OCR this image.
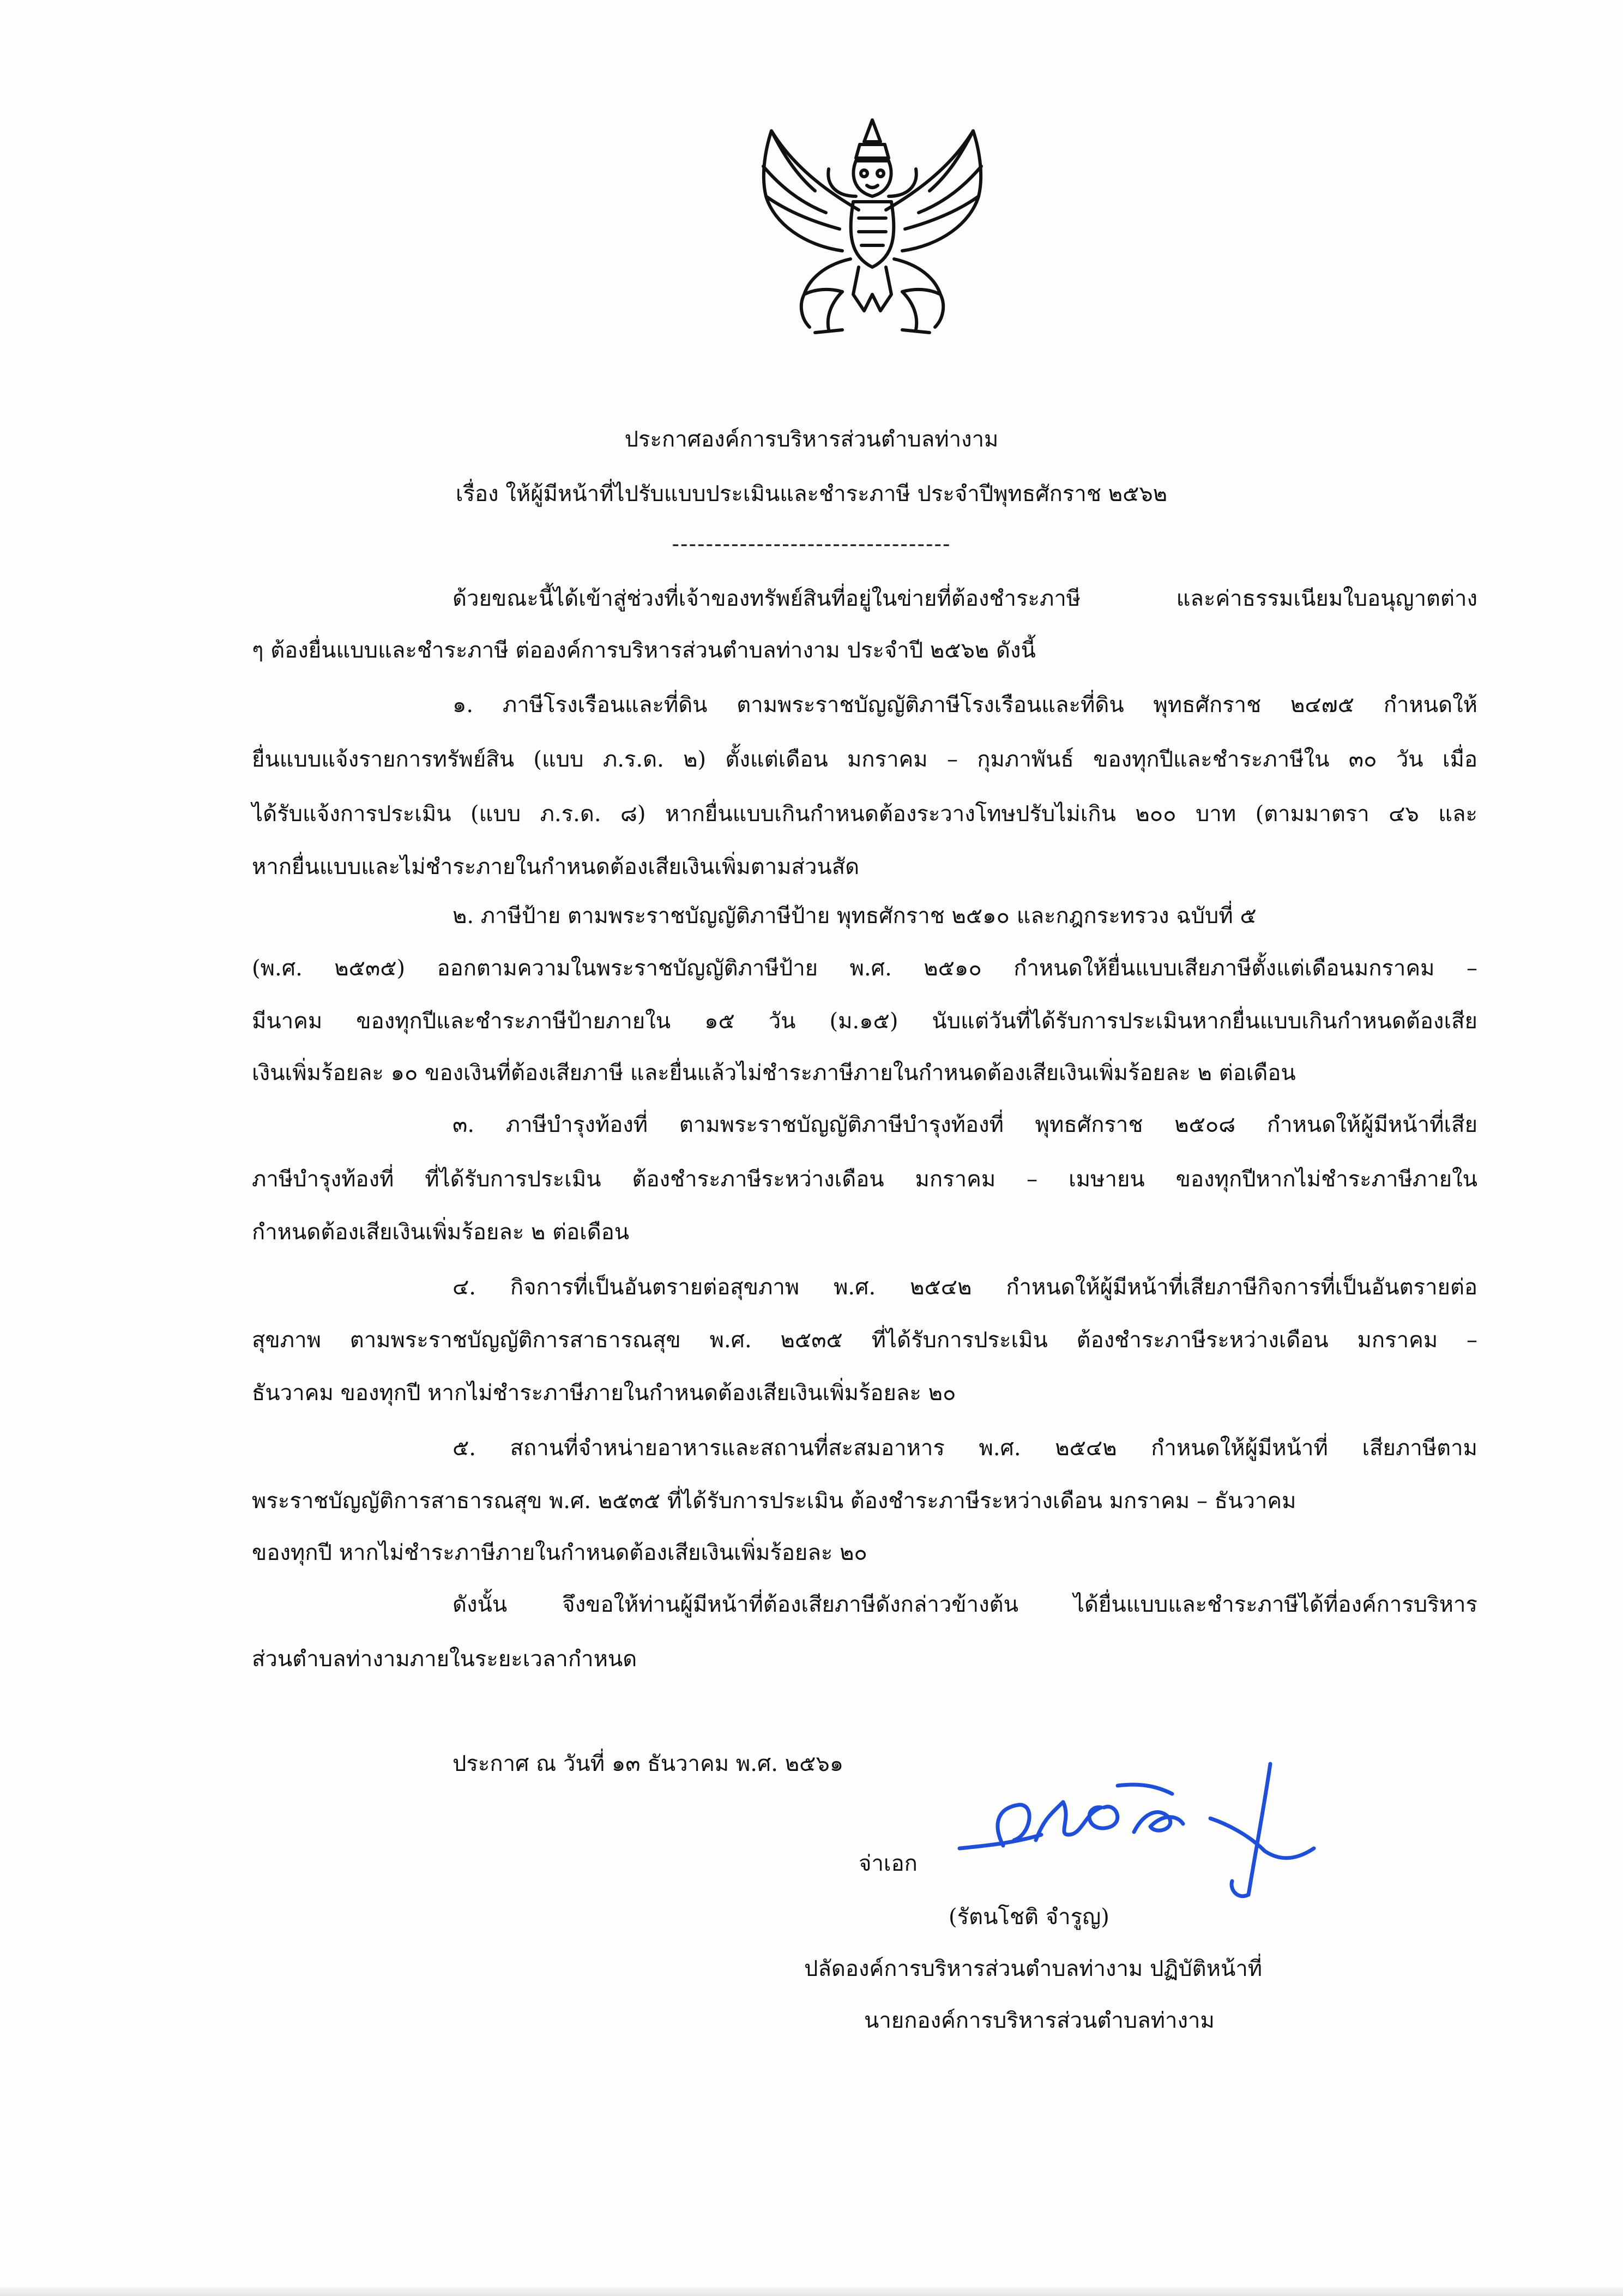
ประกาศองค์การบริหารส่วนตำบลท่างาม
เรื่อง ให้ผู้มีหน้าที่ไปรับแบบประเมินและชำระภาษี ประจำปีพุทธศักราช ๒๕๖๒
---------------------------------
ด้วยขณะนี้ได้เข้าสู่ช่วงที่เจ้าของทรัพย์สินที่อยู่ในข่ายที่ต้องชำระภาษี และค่าธรรมเนียมใบอนุญาตต่าง
ๆ ต้องยื่นแบบและชำระภาษี ต่อองค์การบริหารส่วนตำบลท่างาม ประจำปี ๒๕๖๒ ดังนี้
๑. ภาษีโรงเรือนและที่ดิน ตามพระราชบัญญัติภาษีโรงเรือนและที่ดิน พุทธศักราช ๒๔๗๕ กำหนดให้
ยื่นแบบแจ้งรายการทรัพย์สิน (แบบ ภ.ร.ด. ๒) ตั้งแต่เดือน มกราคม – กุมภาพันธ์ ของทุกปีและชำระภาษีใน ๓๐ วัน เมื่อ
ได้รับแจ้งการประเมิน (แบบ ภ.ร.ด. ๘) หากยื่นแบบเกินกำหนดต้องระวางโทษปรับไม่เกิน ๒๐๐ บาท (ตามมาตรา ๔๖ และ
หากยื่นแบบและไม่ชำระภายในกำหนดต้องเสียเงินเพิ่มตามส่วนสัด
๒. ภาษีป้าย ตามพระราชบัญญัติภาษีป้าย พุทธศักราช ๒๕๑๐ และกฎกระทรวง ฉบับที่ ๕
(พ.ศ. ๒๕๓๕) ออกตามความในพระราชบัญญัติภาษีป้าย พ.ศ. ๒๕๑๐ กำหนดให้ยื่นแบบเสียภาษีตั้งแต่เดือนมกราคม –
มีนาคม ของทุกปีและชำระภาษีป้ายภายใน ๑๕ วัน (ม.๑๕) นับแต่วันที่ได้รับการประเมินหากยื่นแบบเกินกำหนดต้องเสีย
เงินเพิ่มร้อยละ ๑๐ ของเงินที่ต้องเสียภาษี และยื่นแล้วไม่ชำระภาษีภายในกำหนดต้องเสียเงินเพิ่มร้อยละ ๒ ต่อเดือน
๓. ภาษีบำรุงท้องที่ ตามพระราชบัญญัติภาษีบำรุงท้องที่ พุทธศักราช ๒๕๐๘ กำหนดให้ผู้มีหน้าที่เสีย
ภาษีบำรุงท้องที่ ที่ได้รับการประเมิน ต้องชำระภาษีระหว่างเดือน มกราคม – เมษายน ของทุกปีหากไม่ชำระภาษีภายใน
กำหนดต้องเสียเงินเพิ่มร้อยละ ๒ ต่อเดือน
๔. กิจการที่เป็นอันตรายต่อสุขภาพ พ.ศ. ๒๕๔๒ กำหนดให้ผู้มีหน้าที่เสียภาษีกิจการที่เป็นอันตรายต่อ
สุขภาพ ตามพระราชบัญญัติการสาธารณสุข พ.ศ. ๒๕๓๕ ที่ได้รับการประเมิน ต้องชำระภาษีระหว่างเดือน มกราคม –
ธันวาคม ของทุกปี หากไม่ชำระภาษีภายในกำหนดต้องเสียเงินเพิ่มร้อยละ ๒๐
๕. สถานที่จำหน่ายอาหารและสถานที่สะสมอาหาร พ.ศ. ๒๕๔๒ กำหนดให้ผู้มีหน้าที่ เสียภาษีตาม
พระราชบัญญัติการสาธารณสุข พ.ศ. ๒๕๓๕ ที่ได้รับการประเมิน ต้องชำระภาษีระหว่างเดือน มกราคม – ธันวาคม
ของทุกปี หากไม่ชำระภาษีภายในกำหนดต้องเสียเงินเพิ่มร้อยละ ๒๐
ดังนั้น จึงขอให้ท่านผู้มีหน้าที่ต้องเสียภาษีดังกล่าวข้างต้น ได้ยื่นแบบและชำระภาษีได้ที่องค์การบริหาร
ส่วนตำบลท่างามภายในระยะเวลากำหนด
ประกาศ ณ วันที่ ๑๓ ธันวาคม พ.ศ. ๒๕๖๑
จ่าเอก
(รัตนโชติ จำรูญ)
ปลัดองค์การบริหารส่วนตำบลท่างาม ปฏิบัติหน้าที่
นายกองค์การบริหารส่วนตำบลท่างาม
